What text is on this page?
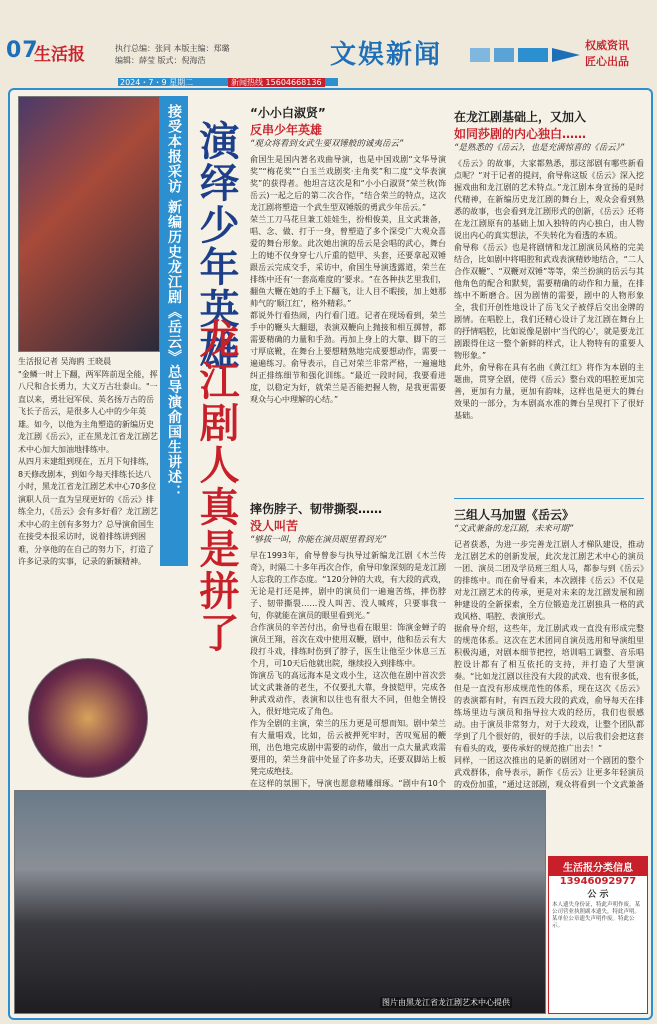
07
生活报	执行总编：张同 本版主编：郑璐
编辑：薛莹 版式：倪海浩	文娱新闻	权威资讯
匠心出品
2024・7・9 星期二	新闻热线 15604668136
生活报记者 吴海鸥 王晓晨
"金鳞一时上下翻，两军阵前逞全能，挥八尺和合长勇力，大义万古壮泰山。"一直以来，勇壮冠军侯、英名扬万古的岳飞长子岳云，是很多人心中的少年英雄。如今，以他为主角塑造的新编历史龙江剧《岳云》，正在黑龙江省龙江剧艺术中心加大加油地排练中。
从四月末建组到现在，五月下旬排练，8天修改剧本，到如今每天排练长达八小时，黑龙江省龙江剧艺术中心70多位演职人员一直为呈现更好的《岳云》排练全力，《岳云》会有多好看？龙江剧艺术中心的主创有多努力？总导演俞国生在接受本报采访时，说着排练讲到困难，分享他的在自己的努力下，打造了许多记录的实事，记录的新颖精神。
接受本报采访 新编历史龙江剧《岳云》总导演俞国生讲述： 演绎少年英雄
龙江剧人真是拼了
“小小白淑贤”
反串少年英雄
“观众将看到女武生要双锤般的诚夷岳云”
俞国生是国内著名戏曲导演，也是中国戏剧“文华导演奖”“梅花奖”“白玉兰戏剧奖·主角奖”和二度“文华表演奖”的获得者。他坦言这次是和“小小白淑贤”荣兰秋(饰岳云)一起之后的第二次合作，“结合荣兰的特点，这次龙江剧将塑造一个武生型双锤版的勇武少年岳云。”
荣兰工刀马花旦兼工娃娃生，扮相俊美，且文武兼备，唱、念、做、打于一身，曾塑造了多个深受广大观众喜爱的舞台形象。此次她出演的岳云是会唱的武心，舞台上的她不仅身穿七八斤重的铠甲、头套，还要拿起双锤跟岳云完成交手，采访中，俞国生导演透露道，荣兰在排练中还有‘一套高难度的’要求。“在各种扶艺里我们，翻鱼大鞭在她的手上下翻飞，让人目不暇接，加上她那帅气的‘顺江红’，格外精彩。”
都说外行看热闹，内行看门道。记者在现场看到，荣兰手中的鞭头大翻翅，表演双鞭向上抛接和相互掷替，都需要精确的力量和手劲。再加上身上的大靠、脚下的三寸厚底靴，在舞台上要想精熟地完成要想动作，需要一遍遍练习。俞导表示，自己对荣兰非常严格，一遍遍地纠正排练细节和强化训练。“最近一段时间，我要看进度，以稳定为好，就荣兰是否能把握人物，是我更需要观众与心中理解的心结。”
摔伤脖子、韧带撕裂……
没人叫苦
“够拔一叫，你能在演员眼里看到光”
早在1993年，俞导曾参与执导过新编龙江剧《木兰传奇》，时隔二十多年再次合作，俞导印象深刻的是龙江剧人忘我的工作态度。“120分钟的大戏，有大段的武戏，无论是打还是摔，剧中的演员们一遍遍苦练，摔伤脖子、韧带撕裂……没人叫苦、没人喊疼，只要事我一句，你就能在演员的眼里看到光。”
合作演员的辛苦付出，俞导也看在眼里：饰演金蝉子的演员王翔，首次在戏中使用双鞭，剧中，他和岳云有大段打斗戏，排练时伤到了脖子，医生让他至少休息三五个月，可10天后他就出院，继续投入到排练中。
饰演岳飞的高远海本是文戏小生，这次他在剧中首次尝试文武兼备的老生，不仅要扎大靠，身披铠甲，完成各种武戏动作，表演和以往也有很大不同，但他全情投入，很好地完成了角色。
作为全剧的主演，荣兰的压力更是可想而知。剧中荣兰有大量唱戏，比如，岳云被押死牢时，苦叹冤屈的鞭刑，出色地完成剧中需要的动作，做出一点大量武戏需要用的，荣兰身前中处显了许多功夫，还要双脚站上板凳完成绝技。
在这样的氛围下，导演也愿意精雕细琢。“剧中有10个
在龙江剧基础上，又加入
如同莎剧的内心独白……
“是熟悉的《岳云》，也是充满惊喜的《岳云》”
《岳云》的故事，大家都熟悉，那这部剧有哪些新看点呢？“对于记者的提问，俞导称这版《岳云》深入挖掘戏曲和龙江剧的艺术特点。”龙江剧本身宣扬的是时代精神，在新编历史龙江剧的舞台上，观众会看到熟悉的故事，也会看到龙江剧形式的创新，《岳云》还将在龙江剧原有的基础上加入独特的内心独白，由人物说出内心的真实想法，不失转化为看透的本质。
俞导称《岳云》也是将剧情和龙江剧演员风格的完美结合，比如剧中将唱腔和武戏表演精妙地结合，“二人合作双鞭”、“双鞭对双锤”等等，荣兰扮演的岳云与其他角色的配合和默契，需要精确的动作和力量，在排练中不断磨合。因为剧情的需要，剧中的人物形象全，我们开创性地设计了岳飞父子被俘后交出金牌的剧情。在唱腔上，我们还精心设计了龙江剧在舞台上的抒情唱腔，比如说像是剧中‘当代的心’，就是要龙江剧跟得住这一整个新鲜的样式，让人物特有的重要人物形象。”
此外，俞导称在具有名曲《黄江红》将作为本剧的主题曲，贯穿全剧，使得《岳云》整台戏的唱腔更加完善，更加有力量，更加有韵味，这样也是更大的舞台效果的一部分，为本剧高水准的舞台呈现打下了很好基础。
三组人马加盟《岳云》
“文武兼备的龙江剧，未来可期”
记者获悉，为进一步完善龙江剧人才梯队建设，推动龙江剧艺术的创新发展，此次龙江剧艺术中心的演员一团、演员二团及学员班三组人马，都参与到《岳云》的排练中。而在俞导看来，本次剧排《岳云》不仅是对龙江剧艺术的传承，更是对未来的龙江剧发展和剧种建设的全新探索，全方位锻造龙江剧独具一格的武戏风格、唱腔、表演形式。
据俞导介绍，这些年，龙江剧武戏一直没有形成完整的规范体系。这次在艺术团同自演员选用和导演组里积极沟通，对剧本细节把控，培训唱工调整、音乐唱腔设计都有了相互依托的支持，并打造了大型演奏。“比如龙江剧以往没有大段的武戏、也有很多低，但是一直没有形成规范性的体系，现在这次《岳云》的表演都有时，有四五段大段的武戏，俞导每天在排练场里边与演员和指导拉大戏的经历，我们也很感动。由于演员非常努力，对于大段戏，让整个团队都学到了几个很好的，很好的手法，以后我们会把这套有看头的戏，要传承好的规范推广出去！”
同样，一团这次推出的是新的剧团对一个剧团的整个武戏群体，俞导表示，新作《岳云》让更多年轻演员的戏份加重，“通过这部剧，观众将看到一个文武兼备
图片由黑龙江省龙江剧艺术中心提供
生活报分类信息
13946092977
公 示
本人遗失身份证，特此声明作废。某公司营业执照副本遗失，特此声明。某单位公章遗失声明作废。特此公示。
